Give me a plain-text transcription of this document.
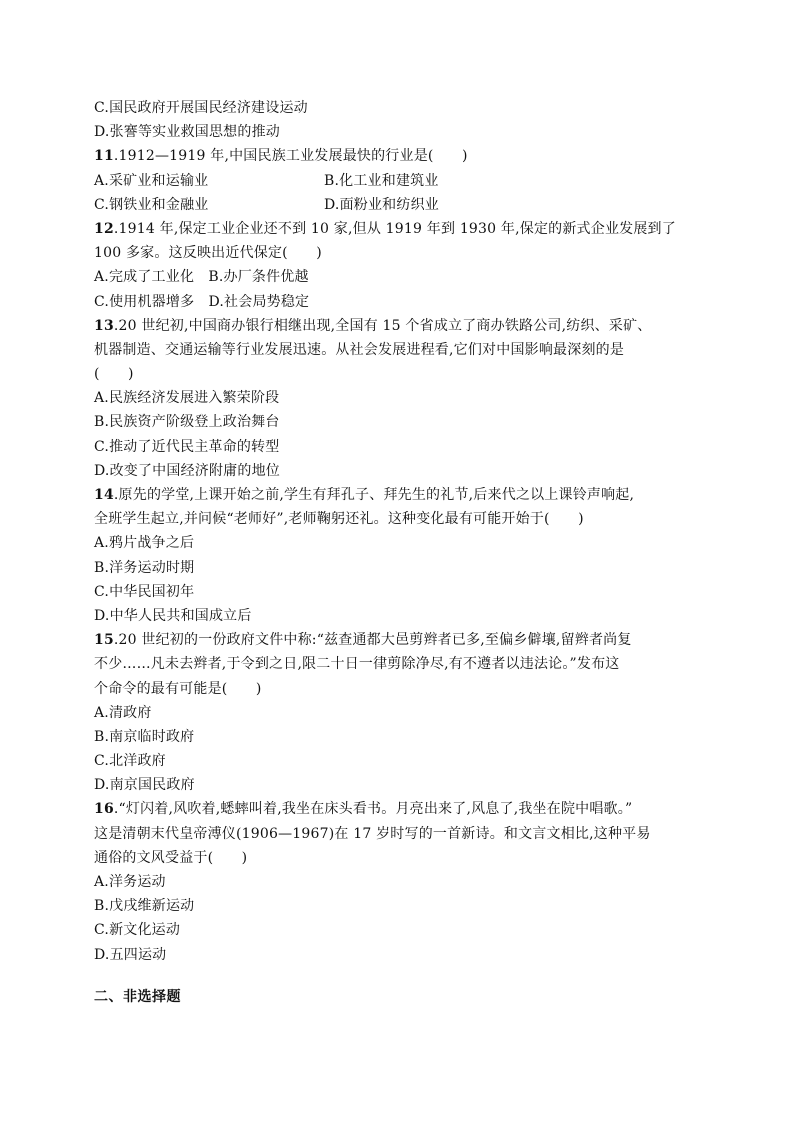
C.国民政府开展国民经济建设运动
D.张謇等实业救国思想的推动
11.1912—1919 年,中国民族工业发展最快的行业是(  )
A.采矿业和运输业	B.化工业和建筑业
C.钢铁业和金融业	D.面粉业和纺织业
12.1914 年,保定工业企业还不到 10 家,但从 1919 年到 1930 年,保定的新式企业发展到了
100 多家。这反映出近代保定(  )
A.完成了工业化 B.办厂条件优越
C.使用机器增多 D.社会局势稳定
13.20 世纪初,中国商办银行相继出现,全国有 15 个省成立了商办铁路公司,纺织、采矿、
机器制造、交通运输等行业发展迅速。从社会发展进程看,它们对中国影响最深刻的是
(  )
A.民族经济发展进入繁荣阶段
B.民族资产阶级登上政治舞台
C.推动了近代民主革命的转型
D.改变了中国经济附庸的地位
14.原先的学堂,上课开始之前,学生有拜孔子、拜先生的礼节,后来代之以上课铃声响起,
全班学生起立,并问候“老师好”,老师鞠躬还礼。这种变化最有可能开始于(  )
A.鸦片战争之后
B.洋务运动时期
C.中华民国初年
D.中华人民共和国成立后
15.20 世纪初的一份政府文件中称:“兹查通都大邑剪辫者已多,至偏乡僻壤,留辫者尚复
不少……凡未去辫者,于令到之日,限二十日一律剪除净尽,有不遵者以违法论。”发布这
个命令的最有可能是(  )
A.清政府
B.南京临时政府
C.北洋政府
D.南京国民政府
16.“灯闪着,风吹着,蟋蟀叫着,我坐在床头看书。月亮出来了,风息了,我坐在院中唱歌。”
这是清朝末代皇帝溥仪(1906—1967)在 17 岁时写的一首新诗。和文言文相比,这种平易
通俗的文风受益于(  )
A.洋务运动
B.戊戌维新运动
C.新文化运动
D.五四运动
二、非选择题
